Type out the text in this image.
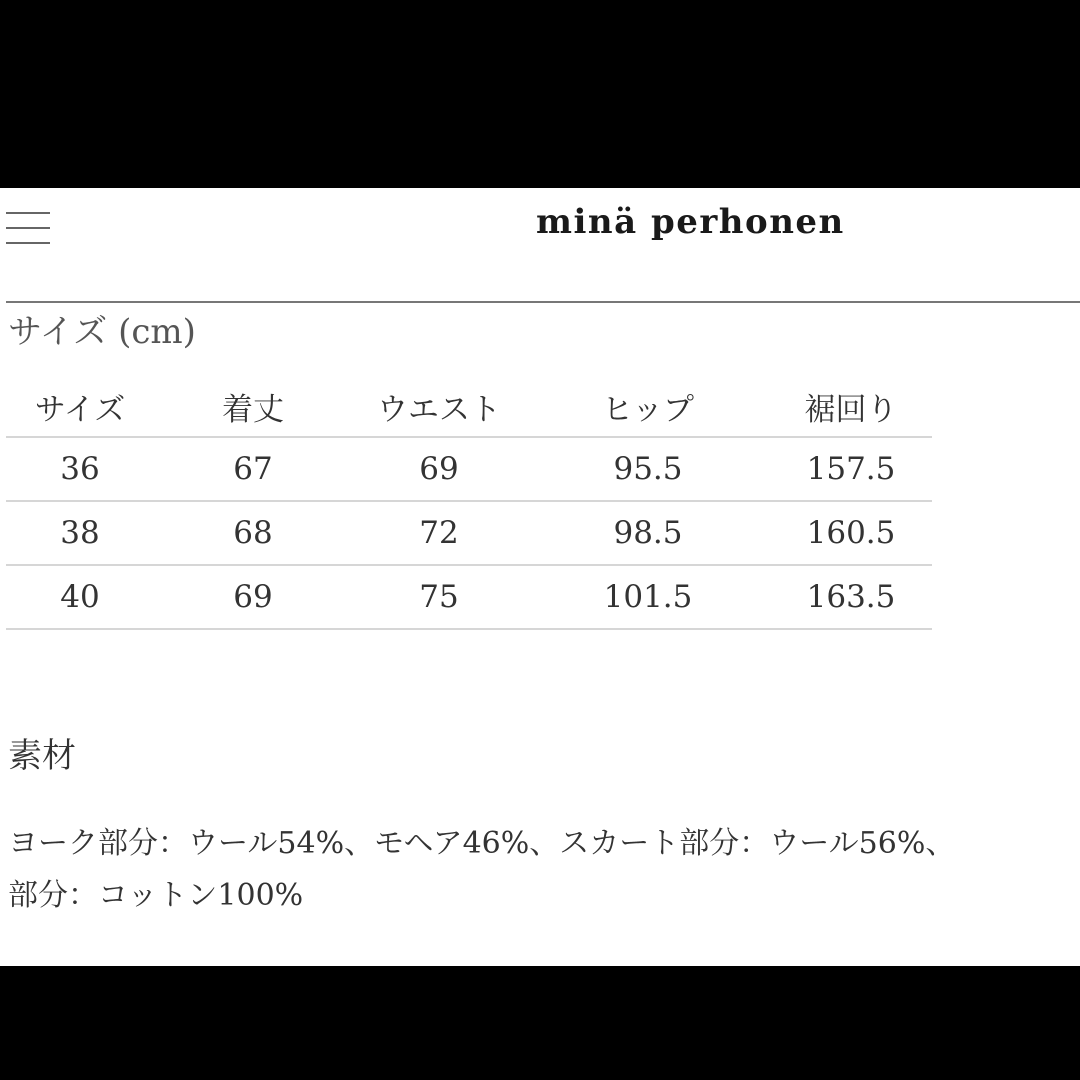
minä perhonen
サイズ (cm)
サイズ	着丈	ウエスト	ヒップ	裾回り
36	67	69	95.5	157.5
38	68	72	98.5	160.5
40	69	75	101.5	163.5
素材
ヨーク部分：ウール54%、モヘア46%、スカート部分：ウール56%、
部分：コットン100%
